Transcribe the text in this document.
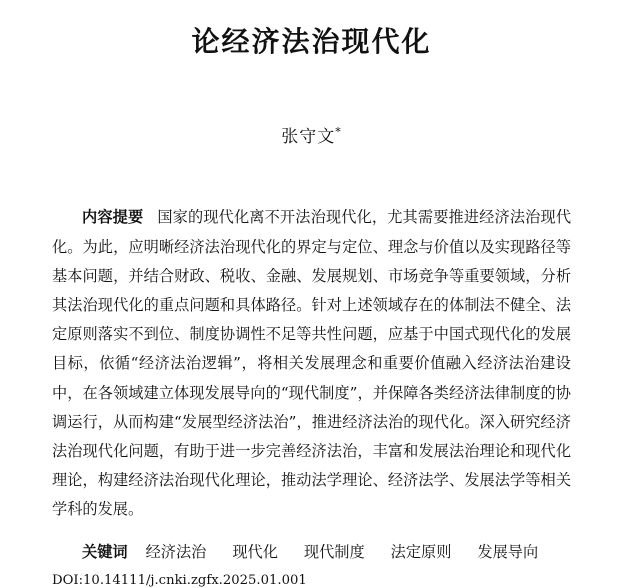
论经济法治现代化
张守文*
内容提要 国家的现代化离不开法治现代化，尤其需要推进经济法治现代化。为此，应明晰经济法治现代化的界定与定位、理念与价值以及实现路径等基本问题，并结合财政、税收、金融、发展规划、市场竞争等重要领域，分析其法治现代化的重点问题和具体路径。针对上述领域存在的体制法不健全、法定原则落实不到位、制度协调性不足等共性问题，应基于中国式现代化的发展目标，依循“经济法治逻辑”，将相关发展理念和重要价值融入经济法治建设中，在各领域建立体现发展导向的“现代制度”，并保障各类经济法律制度的协调运行，从而构建“发展型经济法治”，推进经济法治的现代化。深入研究经济法治现代化问题，有助于进一步完善经济法治，丰富和发展法治理论和现代化理论，构建经济法治现代化理论，推动法学理论、经济法学、发展法学等相关学科的发展。
关键词 经济法治 现代化 现代制度 法定原则 发展导向
DOI:10.14111/j.cnki.zgfx.2025.01.001
